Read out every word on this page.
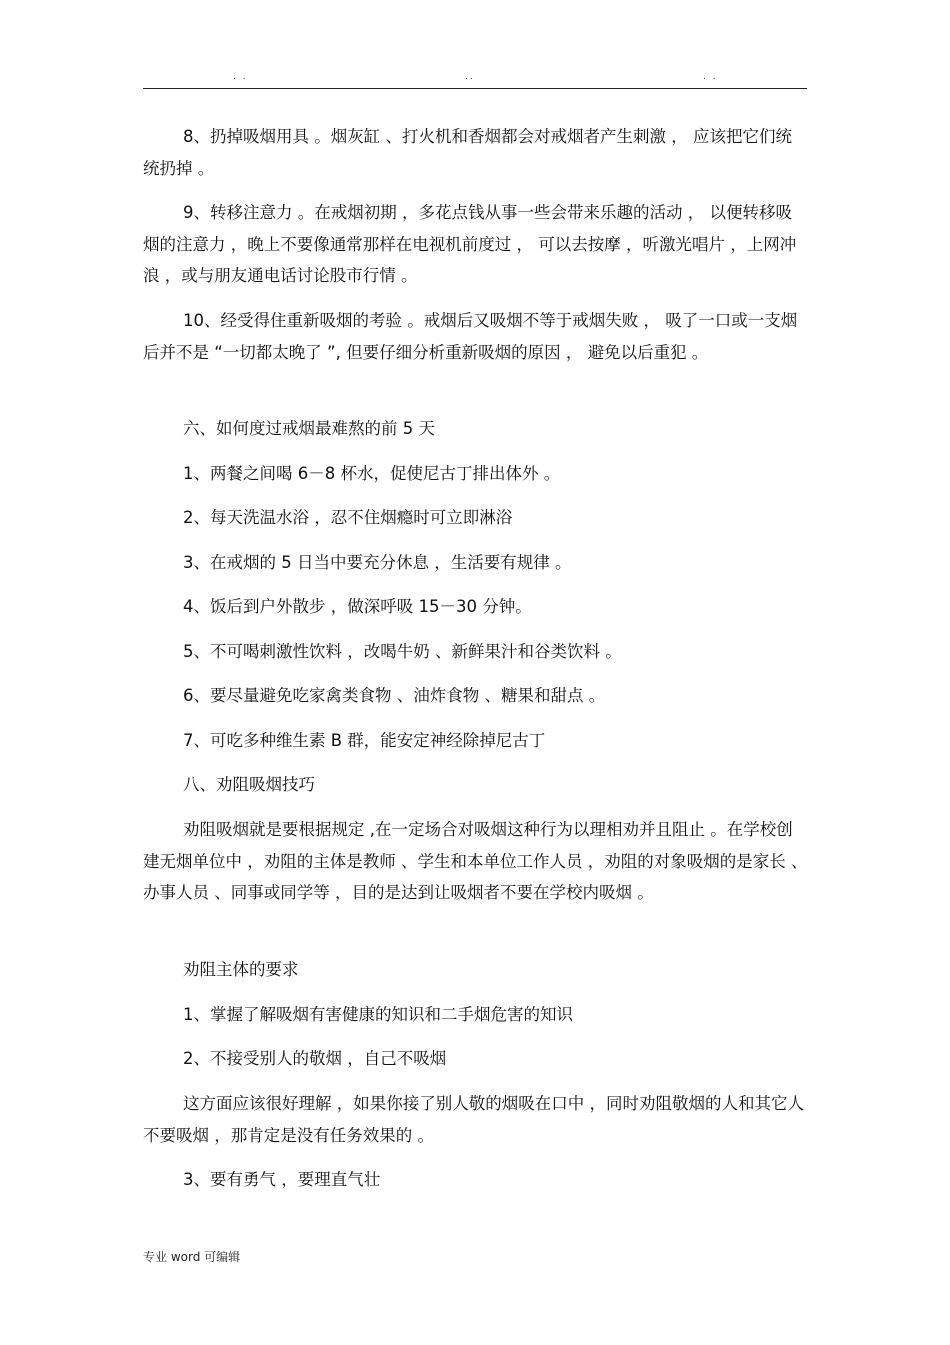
. .	..	. .

8、扔掉吸烟用具 。烟灰缸 、打火机和香烟都会对戒烟者产生刺激 ， 应该把它们统统扔掉 。

9、转移注意力 。在戒烟初期 ，多花点钱从事一些会带来乐趣的活动 ， 以便转移吸烟的注意力 ，晚上不要像通常那样在电视机前度过 ， 可以去按摩 ，听激光唱片 ，上网冲浪 ，或与朋友通电话讨论股市行情 。

10、经受得住重新吸烟的考验 。戒烟后又吸烟不等于戒烟失败 ， 吸了一口或一支烟后并不是 “一切都太晚了 ”, 但要仔细分析重新吸烟的原因 ， 避免以后重犯 。

六、如何度过戒烟最难熬的前 5 天

1、两餐之间喝 6－8 杯水，促使尼古丁排出体外 。

2、每天洗温水浴 ，忍不住烟瘾时可立即淋浴

3、在戒烟的 5 日当中要充分休息 ，生活要有规律 。

4、饭后到户外散步 ，做深呼吸 15－30 分钟。

5、不可喝刺激性饮料 ，改喝牛奶 、新鲜果汁和谷类饮料 。

6、要尽量避免吃家禽类食物 、油炸食物 、糖果和甜点 。

7、可吃多种维生素 B 群，能安定神经除掉尼古丁

八、劝阻吸烟技巧

劝阻吸烟就是要根据规定 ,在一定场合对吸烟这种行为以理相劝并且阻止 。在学校创建无烟单位中 ，劝阻的主体是教师 、学生和本单位工作人员 ，劝阻的对象吸烟的是家长 、办事人员 、同事或同学等 ，目的是达到让吸烟者不要在学校内吸烟 。

劝阻主体的要求

1、掌握了解吸烟有害健康的知识和二手烟危害的知识

2、不接受别人的敬烟 ，自己不吸烟

这方面应该很好理解 ，如果你接了别人敬的烟吸在口中 ，同时劝阻敬烟的人和其它人不要吸烟 ，那肯定是没有任务效果的 。

3、要有勇气 ，要理直气壮

专业 word 可编辑
